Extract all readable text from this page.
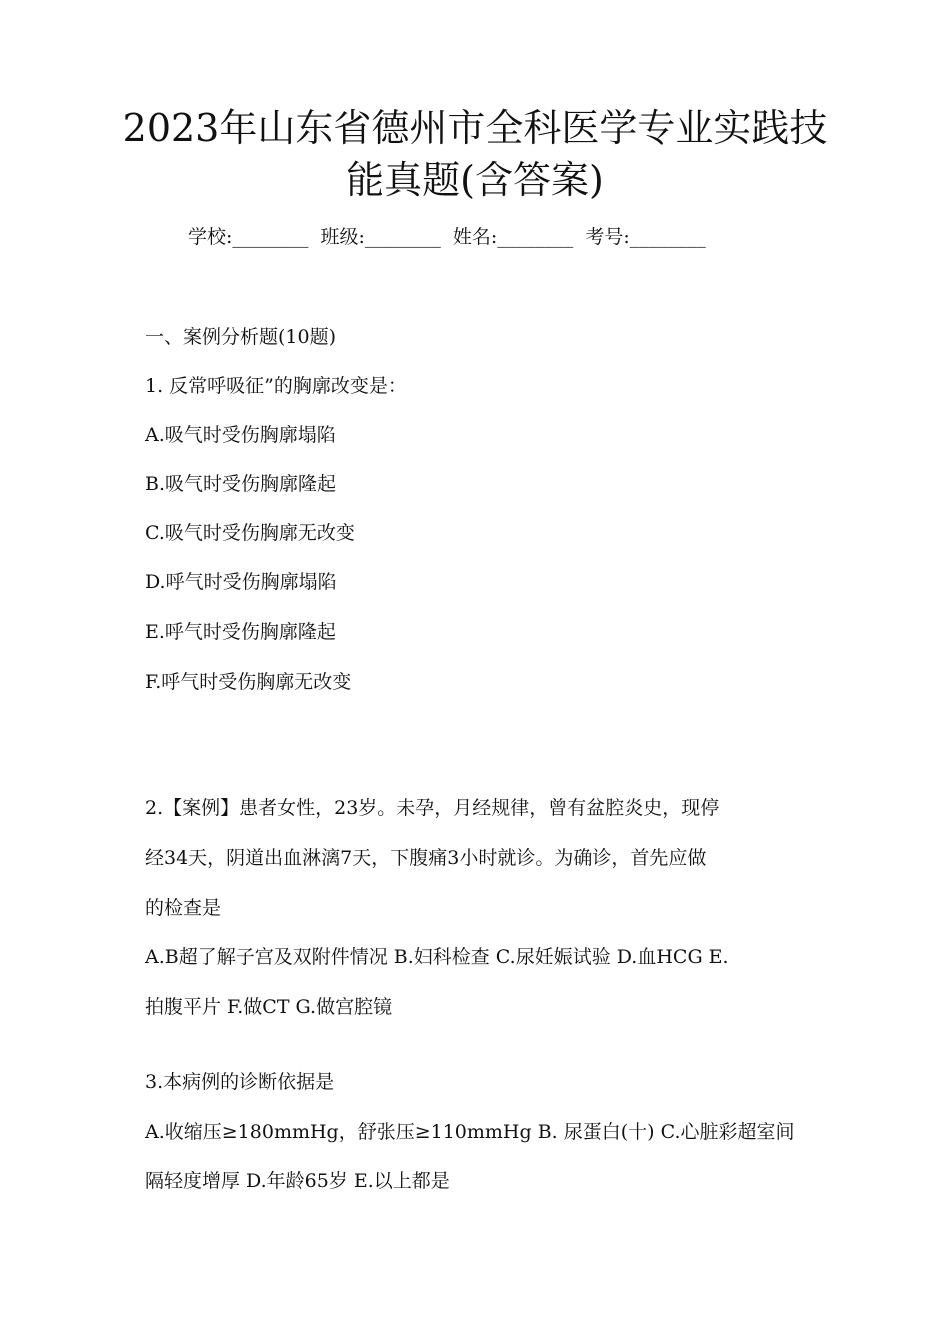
2023年山东省德州市全科医学专业实践技
能真题(含答案)
学校:________ 班级:________ 姓名:________ 考号:________
一、案例分析题(10题)
1. 反常呼吸征”的胸廓改变是：
A.吸气时受伤胸廓塌陷
B.吸气时受伤胸廓隆起
C.吸气时受伤胸廓无改变
D.呼气时受伤胸廓塌陷
E.呼气时受伤胸廓隆起
F.呼气时受伤胸廓无改变
2.【案例】患者女性，23岁。未孕，月经规律，曾有盆腔炎史，现停
经34天，阴道出血淋漓7天，下腹痛3小时就诊。为确诊，首先应做
的检查是
A.B超了解子宫及双附件情况 B.妇科检查 C.尿妊娠试验 D.血HCG E.
拍腹平片 F.做CT G.做宫腔镜
3.本病例的诊断依据是
A.收缩压≥180mmHg，舒张压≥110mmHg B. 尿蛋白(十) C.心脏彩超室间
隔轻度增厚 D.年龄65岁 E.以上都是
